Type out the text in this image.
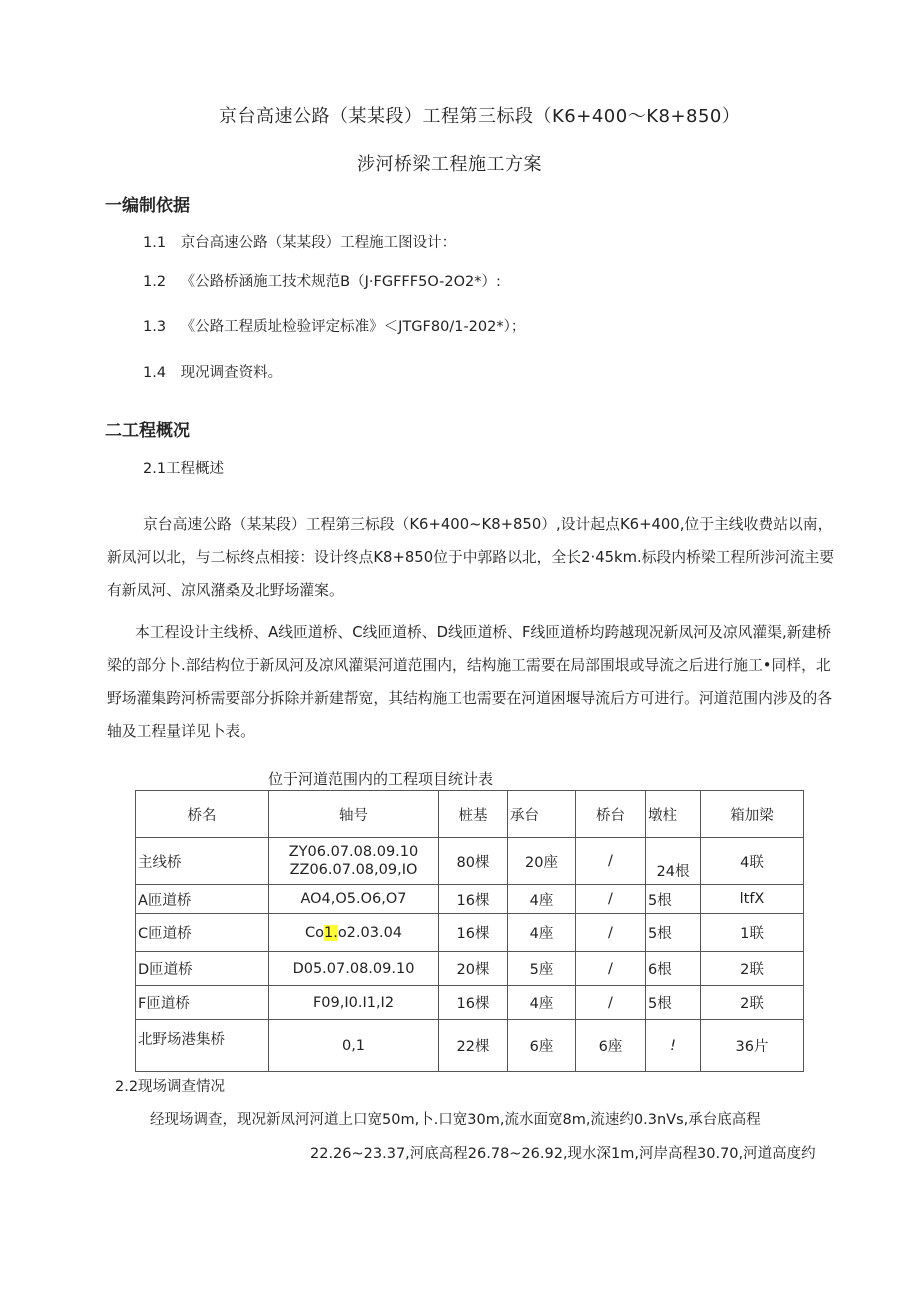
京台高速公路（某某段）工程第三标段（K6+400～K8+850）
涉河桥梁工程施工方案
一编制依据
1.1 京台高速公路（某某段）工程施工图设计：
1.2 《公路桥涵施工技术规范B（J·FGFFF5O-2O2*）:
1.3 《公路工程质址检验评定标准》＜JTGF80/1-202*）；
1.4 现况调査资料。
二工程概况
2.1工程概述
京台高速公路（某某段）工程第三标段（K6+400~K8+850）,设计起点K6+400,位于主线收费站以南，新凤河以北，与二标终点相接：设计终点K8+850位于中郭路以北，全长2·45km.标段内桥梁工程所涉河流主要有新凤河、凉风潴桑及北野场灌案。
本工程设计主线桥、A线匝道桥、C线匝道桥、D线匝道桥、F线匝道桥均跨越现况新凤河及凉风灌渠,新建桥梁的部分卜.部结构位于新凤河及凉风灌渠河道范围内，结构施工需要在局部围垠或导流之后进行施工•同样，北野场灌集跨河桥需要部分拆除并新建帮宽，其结构施工也需要在河道困堰导流后方可进行。河道范围内涉及的各轴及工程量详见卜表。
位于河道范围内的工程项目统计表
桥名	轴号	桩基	承台	桥台	墩柱	箱加梁
主线桥	ZY06.07.08.09.10
ZZ06.07.08,09,IO	80棵	20座	/	24根	4联
A匝道桥	AO4,O5.O6,O7	16棵	4座	/	5根	ltfX
C匝道桥	Co1.o2.03.04	16棵	4座	/	5根	1联
D匝道桥	D05.07.08.09.10	20棵	5座	/	6根	2联
F匝道桥	F09,I0.I1,I2	16棵	4座	/	5根	2联
北野场港集桥	0,1	22棵	6座	6座	!	36片
2.2现场调查情况
经现场调查，现况新凤河河道上口宽50m,卜.口宽30m,流水面宽8m,流速约0.3nVs,承台底高程
22.26~23.37,河底高程26.78~26.92,现水深1m,河岸高程30.70,河道高度约
